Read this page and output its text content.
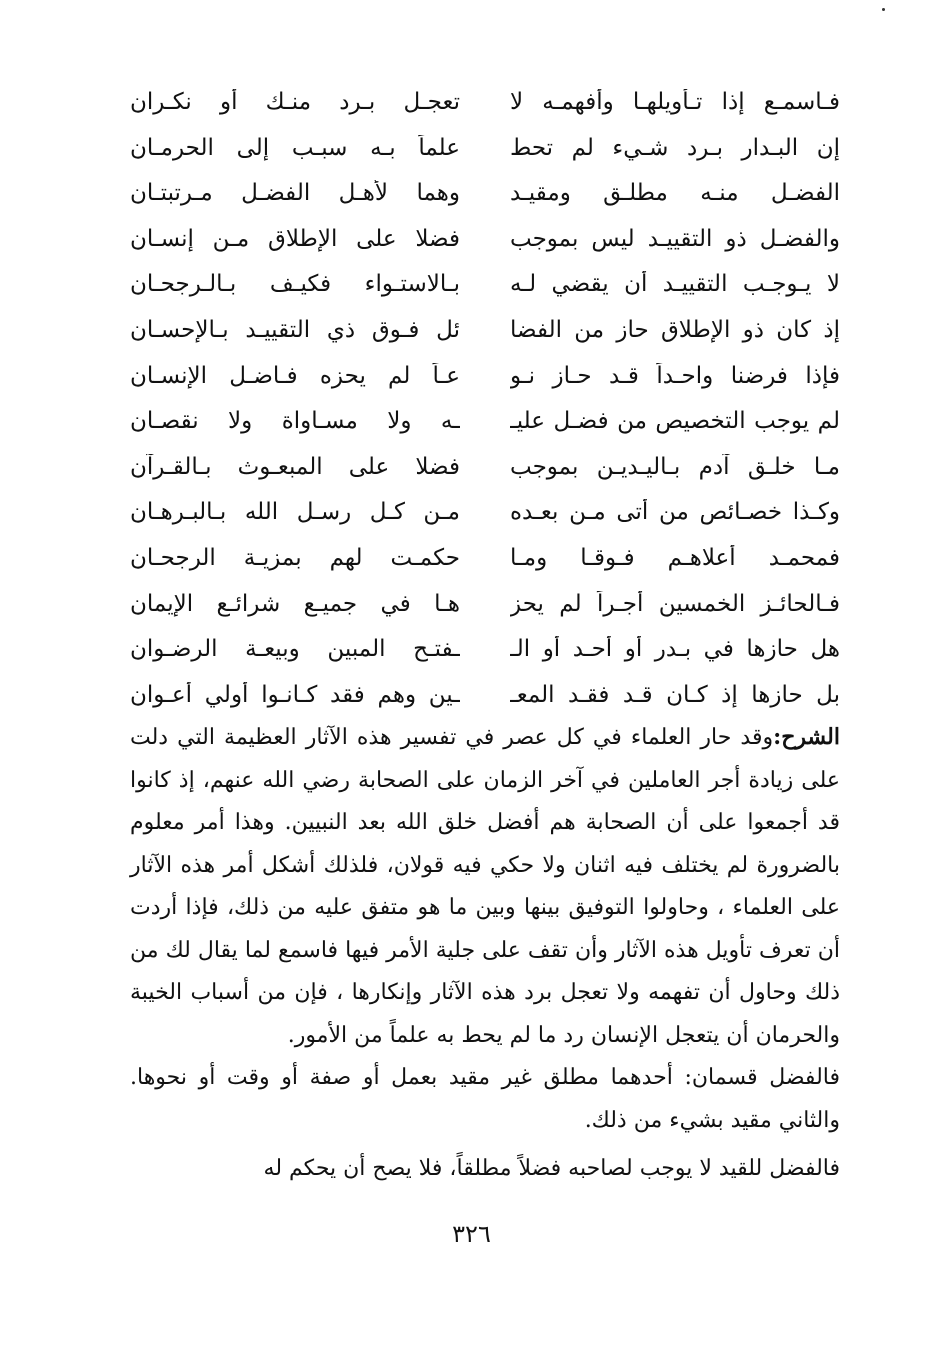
فـاسمـع إذا تـأويلهـا وأفهمـه لا
تعجـل بـرد منـك أو نكـران
إن البـدار بـرد شـيء لم تحط
علماً بـه سبـب إلى الحرمـان
الفضـل منـه مطلـق ومقيـد
وهما لأهـل الفضـل مـرتبتـان
والفضـل ذو التقييـد ليس بموجب
فضلا على الإطلاق مـن إنسـان
لا يـوجـب التقييـد أن يقضي لـه
بـالاستـواء فكيـف بـالـرجحـان
إذ كان ذو الإطلاق حاز من الفضا
ئل فـوق ذي التقييـد بـالإحسـان
فإذا فرضنا واحـداً قـد حـاز نـو
عـاً لم يحزه فـاضـل الإنسـان
لم يوجب التخصيص من فضـل عليـ
ـه ولا مسـاواة ولا نقصـان
مـا خلـق آدم بـاليـديـن بموجب
فضلا على المبعـوث بـالقـرآن
وكـذا خصـائص من أتى مـن بعـده
مـن كـل رسـل الله بـالبـرهـان
فمحمـد أعلاهـم فـوقـا ومـا
حكمـت لهم بمزيـة الرجحـان
فـالحائـز الخمسين أجـراً لم يحز
هـا في جميـع شرائـع الإيمان
هل حازها في بـدر أو أحـد أو الـ
ـفتـح المبين وبيعـة الرضـوان
بل حازها إذ كـان قـد فقـد المعـ
ـين وهم فقد كـانـوا أولي أعـوان

الشرح:وقد حار العلماء في كل عصر في تفسير هذه الآثار العظيمة التي دلت على زيادة أجر العاملين في آخر الزمان على الصحابة رضي الله عنهم، إذ كانوا قد أجمعوا على أن الصحابة هم أفضل خلق الله بعد النبيين. وهذا أمر معلوم بالضرورة لم يختلف فيه اثنان ولا حكي فيه قولان، فلذلك أشكل أمر هذه الآثار على العلماء ، وحاولوا التوفيق بينها وبين ما هو متفق عليه من ذلك، فإذا أردت أن تعرف تأويل هذه الآثار وأن تقف على جلية الأمر فيها فاسمع لما يقال لك من ذلك وحاول أن تفهمه ولا تعجل برد هذه الآثار وإنكارها ، فإن من أسباب الخيبة والحرمان أن يتعجل الإنسان رد ما لم يحط به علماً من الأمور.

فالفضل قسمان: أحدهما مطلق غير مقيد بعمل أو صفة أو وقت أو نحوها. والثاني مقيد بشيء من ذلك.

فالفضل للقيد لا يوجب لصاحبه فضلاً مطلقاً، فلا يصح أن يحكم له

٣٢٦
